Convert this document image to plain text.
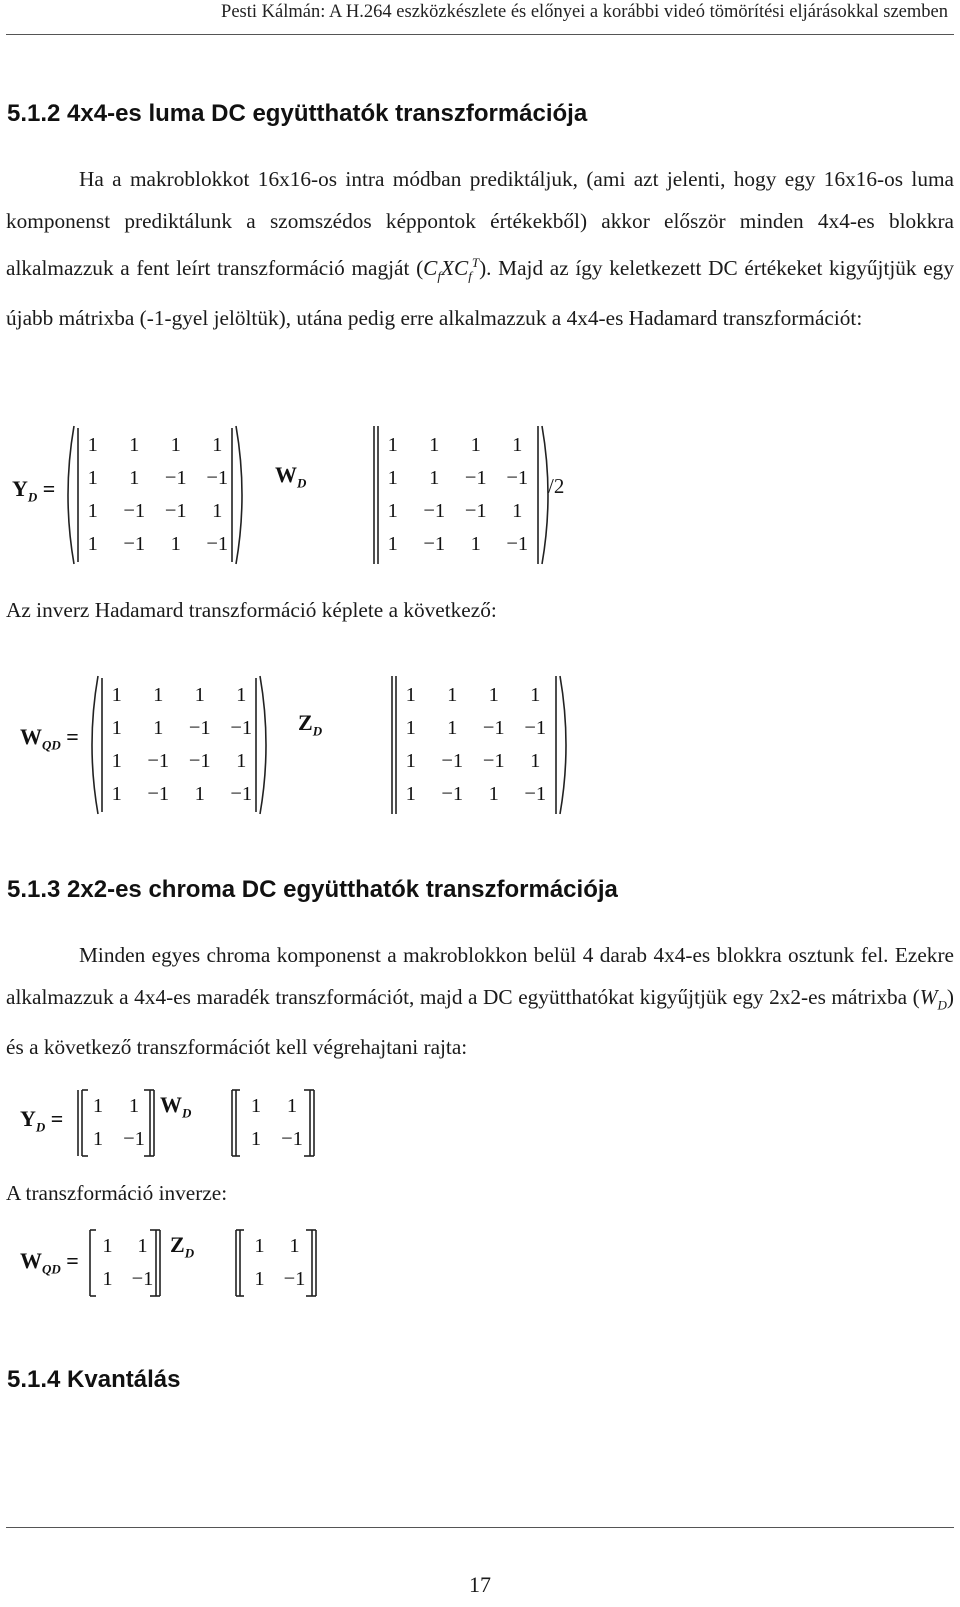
Pesti Kálmán: A H.264 eszközkészlete és előnyei a korábbi videó tömörítési eljárásokkal szemben
5.1.2 4x4-es luma DC együtthatók transzformációja
Ha a makroblokkot 16x16-os intra módban prediktáljuk, (ami azt jelenti, hogy egy 16x16-os luma komponenst prediktálunk a szomszédos képpontok értékekből) akkor először minden 4x4-es blokkra alkalmazzuk a fent leírt transzformáció magját $(C_fXC_f^T)$. Majd az így keletkezett DC értékeket kigyűjtjük egy újabb mátrixba (-1-gyel jelöltük), utána pedig erre alkalmazzuk a 4x4-es Hadamard transzformációt:
$Y_D$ =
1	1	1	1
1	1	−1 −1
1	−1 −1	1
1	−1	1	−1
$W_D$
1	1	1	1
1	1	−1 −1
1	−1 −1	1
1	−1	1	−1
/2
Az inverz Hadamard transzformáció képlete a következő:
$W_{QD}$ =
1	1	1	1
1	1	−1 −1
1	−1 −1	1
1	−1	1	−1
$Z_D$
1	1	1	1
1	1	−1 −1
1	−1 −1	1
1	−1	1	−1
5.1.3 2x2-es chroma DC együtthatók transzformációja
Minden egyes chroma komponenst a makroblokkon belül 4 darab 4x4-es blokkra osztunk fel. Ezekre alkalmazzuk a 4x4-es maradék transzformációt, majd a DC együtthatókat kigyűjtjük egy 2x2-es mátrixba $(W_D)$ és a következő transzformációt kell végrehajtani rajta:
$Y_D$ =	1	1
1 −1
$W_D$	1	1
1 −1
A transzformáció inverze:
$W_{QD}$ =
1	1
1 −1
$Z_D$	1	1
1 −1
5.1.4 Kvantálás
17
